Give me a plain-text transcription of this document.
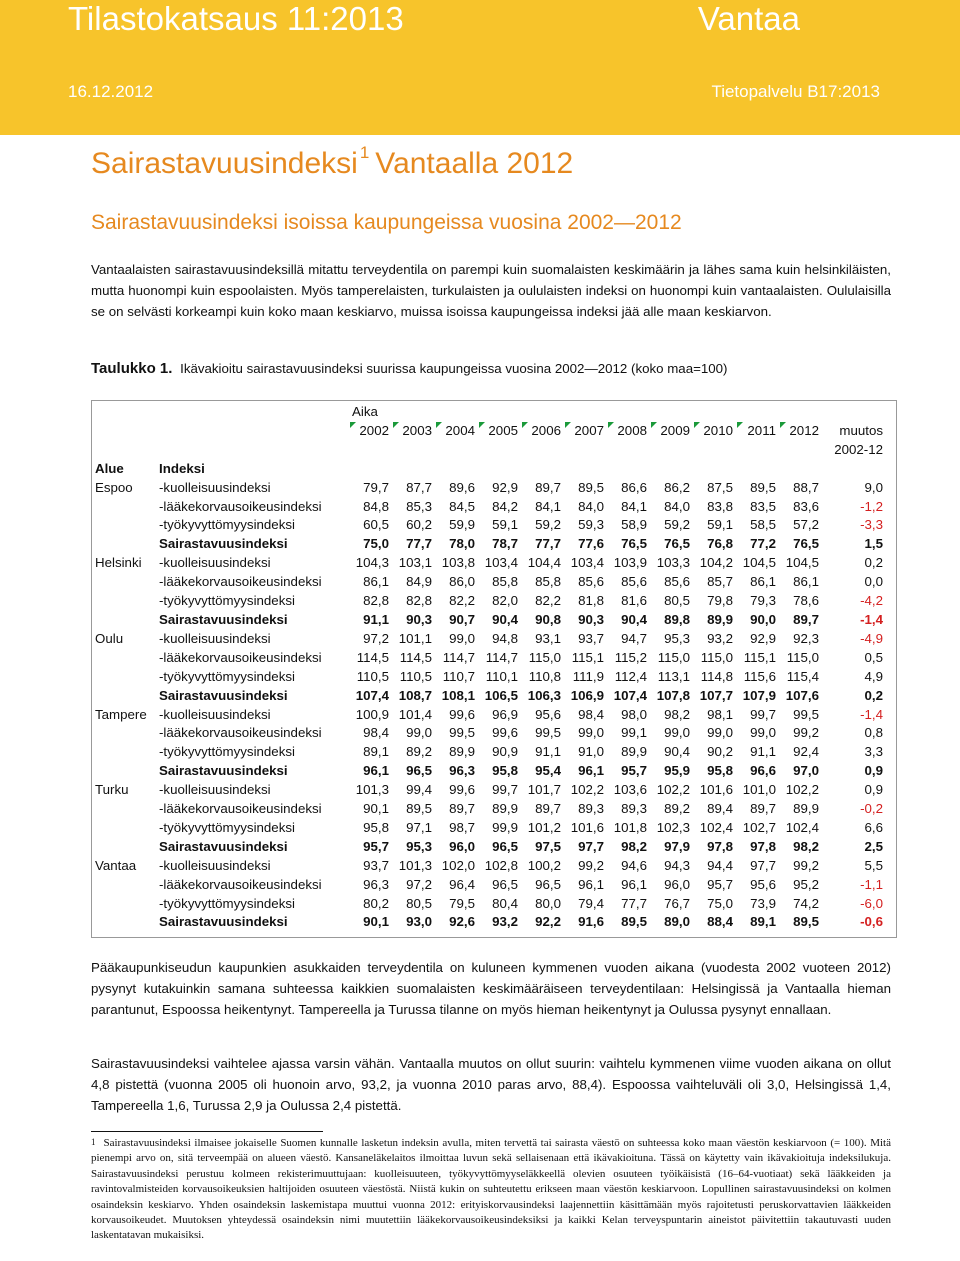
Tilastokatsaus 11:2013	Vantaa
16.12.2012	Tietopalvelu B17:2013
Sairastavuusindeksi $^1$ Vantaalla 2012
Sairastavuusindeksi isoissa kaupungeissa vuosina 2002—2012
Vantaalaisten sairastavuusindeksillä mitattu terveydentila on parempi kuin suomalaisten keskimäärin ja lähes sama kuin helsinkiläisten, mutta huonompi kuin espoolaisten. Myös tamperelaisten, turkulaisten ja oululaisten indeksi on huonompi kuin vantaalaisten. Oululaisilla se on selvästi korkeampi kuin koko maan keskiarvo, muissa isoissa kaupungeissa indeksi jää alle maan keskiarvon.
Taulukko 1. Ikävakioitu sairastavuusindeksi suurissa kaupungeissa vuosina 2002—2012 (koko maa=100)
		Aika											

2002	2003	2004	2005	2006	2007	2008	2009	2010	2011	2012	muutos
													2002-12
Alue	Indeksi												
Espoo	-kuolleisuusindeksi	79,7	87,7	89,6	92,9	89,7	89,5	86,6	86,2	87,5	89,5	88,7	9,0
	-lääkekorvausoikeusindeksi	84,8	85,3	84,5	84,2	84,1	84,0	84,1	84,0	83,8	83,5	83,6	-1,2
	-työkyvyttömyysindeksi	60,5	60,2	59,9	59,1	59,2	59,3	58,9	59,2	59,1	58,5	57,2	-3,3
	Sairastavuusindeksi	75,0	77,7	78,0	78,7	77,7	77,6	76,5	76,5	76,8	77,2	76,5	1,5
Helsinki	-kuolleisuusindeksi	104,3	103,1	103,8	103,4	104,4	103,4	103,9	103,3	104,2	104,5	104,5	0,2
	-lääkekorvausoikeusindeksi	86,1	84,9	86,0	85,8	85,8	85,6	85,6	85,6	85,7	86,1	86,1	0,0
	-työkyvyttömyysindeksi	82,8	82,8	82,2	82,0	82,2	81,8	81,6	80,5	79,8	79,3	78,6	-4,2
	Sairastavuusindeksi	91,1	90,3	90,7	90,4	90,8	90,3	90,4	89,8	89,9	90,0	89,7	-1,4
Oulu	-kuolleisuusindeksi	97,2	101,1	99,0	94,8	93,1	93,7	94,7	95,3	93,2	92,9	92,3	-4,9
	-lääkekorvausoikeusindeksi	114,5	114,5	114,7	114,7	115,0	115,1	115,2	115,0	115,0	115,1	115,0	0,5
	-työkyvyttömyysindeksi	110,5	110,5	110,7	110,1	110,8	111,9	112,4	113,1	114,8	115,6	115,4	4,9
	Sairastavuusindeksi	107,4	108,7	108,1	106,5	106,3	106,9	107,4	107,8	107,7	107,9	107,6	0,2
Tampere	-kuolleisuusindeksi	100,9	101,4	99,6	96,9	95,6	98,4	98,0	98,2	98,1	99,7	99,5	-1,4
	-lääkekorvausoikeusindeksi	98,4	99,0	99,5	99,6	99,5	99,0	99,1	99,0	99,0	99,0	99,2	0,8
	-työkyvyttömyysindeksi	89,1	89,2	89,9	90,9	91,1	91,0	89,9	90,4	90,2	91,1	92,4	3,3
	Sairastavuusindeksi	96,1	96,5	96,3	95,8	95,4	96,1	95,7	95,9	95,8	96,6	97,0	0,9
Turku	-kuolleisuusindeksi	101,3	99,4	99,6	99,7	101,7	102,2	103,6	102,2	101,6	101,0	102,2	0,9
	-lääkekorvausoikeusindeksi	90,1	89,5	89,7	89,9	89,7	89,3	89,3	89,2	89,4	89,7	89,9	-0,2
	-työkyvyttömyysindeksi	95,8	97,1	98,7	99,9	101,2	101,6	101,8	102,3	102,4	102,7	102,4	6,6
	Sairastavuusindeksi	95,7	95,3	96,0	96,5	97,5	97,7	98,2	97,9	97,8	97,8	98,2	2,5
Vantaa	-kuolleisuusindeksi	93,7	101,3	102,0	102,8	100,2	99,2	94,6	94,3	94,4	97,7	99,2	5,5
	-lääkekorvausoikeusindeksi	96,3	97,2	96,4	96,5	96,5	96,1	96,1	96,0	95,7	95,6	95,2	-1,1
	-työkyvyttömyysindeksi	80,2	80,5	79,5	80,4	80,0	79,4	77,7	76,7	75,0	73,9	74,2	-6,0
	Sairastavuusindeksi	90,1	93,0	92,6	93,2	92,2	91,6	89,5	89,0	88,4	89,1	89,5	-0,6
Pääkaupunkiseudun kaupunkien asukkaiden terveydentila on kuluneen kymmenen vuoden aikana (vuodesta 2002 vuoteen 2012) pysynyt kutakuinkin samana suhteessa kaikkien suomalaisten keskimääräiseen terveydentilaan: Helsingissä ja Vantaalla hieman parantunut, Espoossa heikentynyt. Tampereella ja Turussa tilanne on myös hieman heikentynyt ja Oulussa pysynyt ennallaan.
Sairastavuusindeksi vaihtelee ajassa varsin vähän. Vantaalla muutos on ollut suurin: vaihtelu kymmenen viime vuoden aikana on ollut 4,8 pistettä (vuonna 2005 oli huonoin arvo, 93,2, ja vuonna 2010 paras arvo, 88,4). Espoossa vaihteluväli oli 3,0, Helsingissä 1,4, Tampereella 1,6, Turussa 2,9 ja Oulussa 2,4 pistettä.
$^1$ Sairastavuusindeksi ilmaisee jokaiselle Suomen kunnalle lasketun indeksin avulla, miten tervettä tai sairasta väestö on suhteessa koko maan väestön keskiarvoon (= 100). Mitä pienempi arvo on, sitä terveempää on alueen väestö. Kansaneläkelaitos ilmoittaa luvun sekä sellaisenaan että ikävakioituna. Tässä on käytetty vain ikävakioituja indeksilukuja. Sairastavuusindeksi perustuu kolmeen rekisterimuuttujaan: kuolleisuuteen, työkyvyttömyyseläkkeellä olevien osuuteen työikäisistä (16–64-vuotiaat) sekä lääkkeiden ja ravintovalmisteiden korvausoikeuksien haltijoiden osuuteen väestöstä. Niistä kukin on suhteutettu erikseen maan väestön keskiarvoon. Lopullinen sairastavuusindeksi on kolmen osaindeksin keskiarvo. Yhden osaindeksin laskemistapa muuttui vuonna 2012: erityiskorvausindeksi laajennettiin käsittämään myös rajoitetusti peruskorvattavien lääkkeiden korvausoikeudet. Muutoksen yhteydessä osaindeksin nimi muutettiin lääkekorvausoikeusindeksiksi ja kaikki Kelan terveyspuntarin aineistot päivitettiin takautuvasti uuden laskentatavan mukaisiksi.
